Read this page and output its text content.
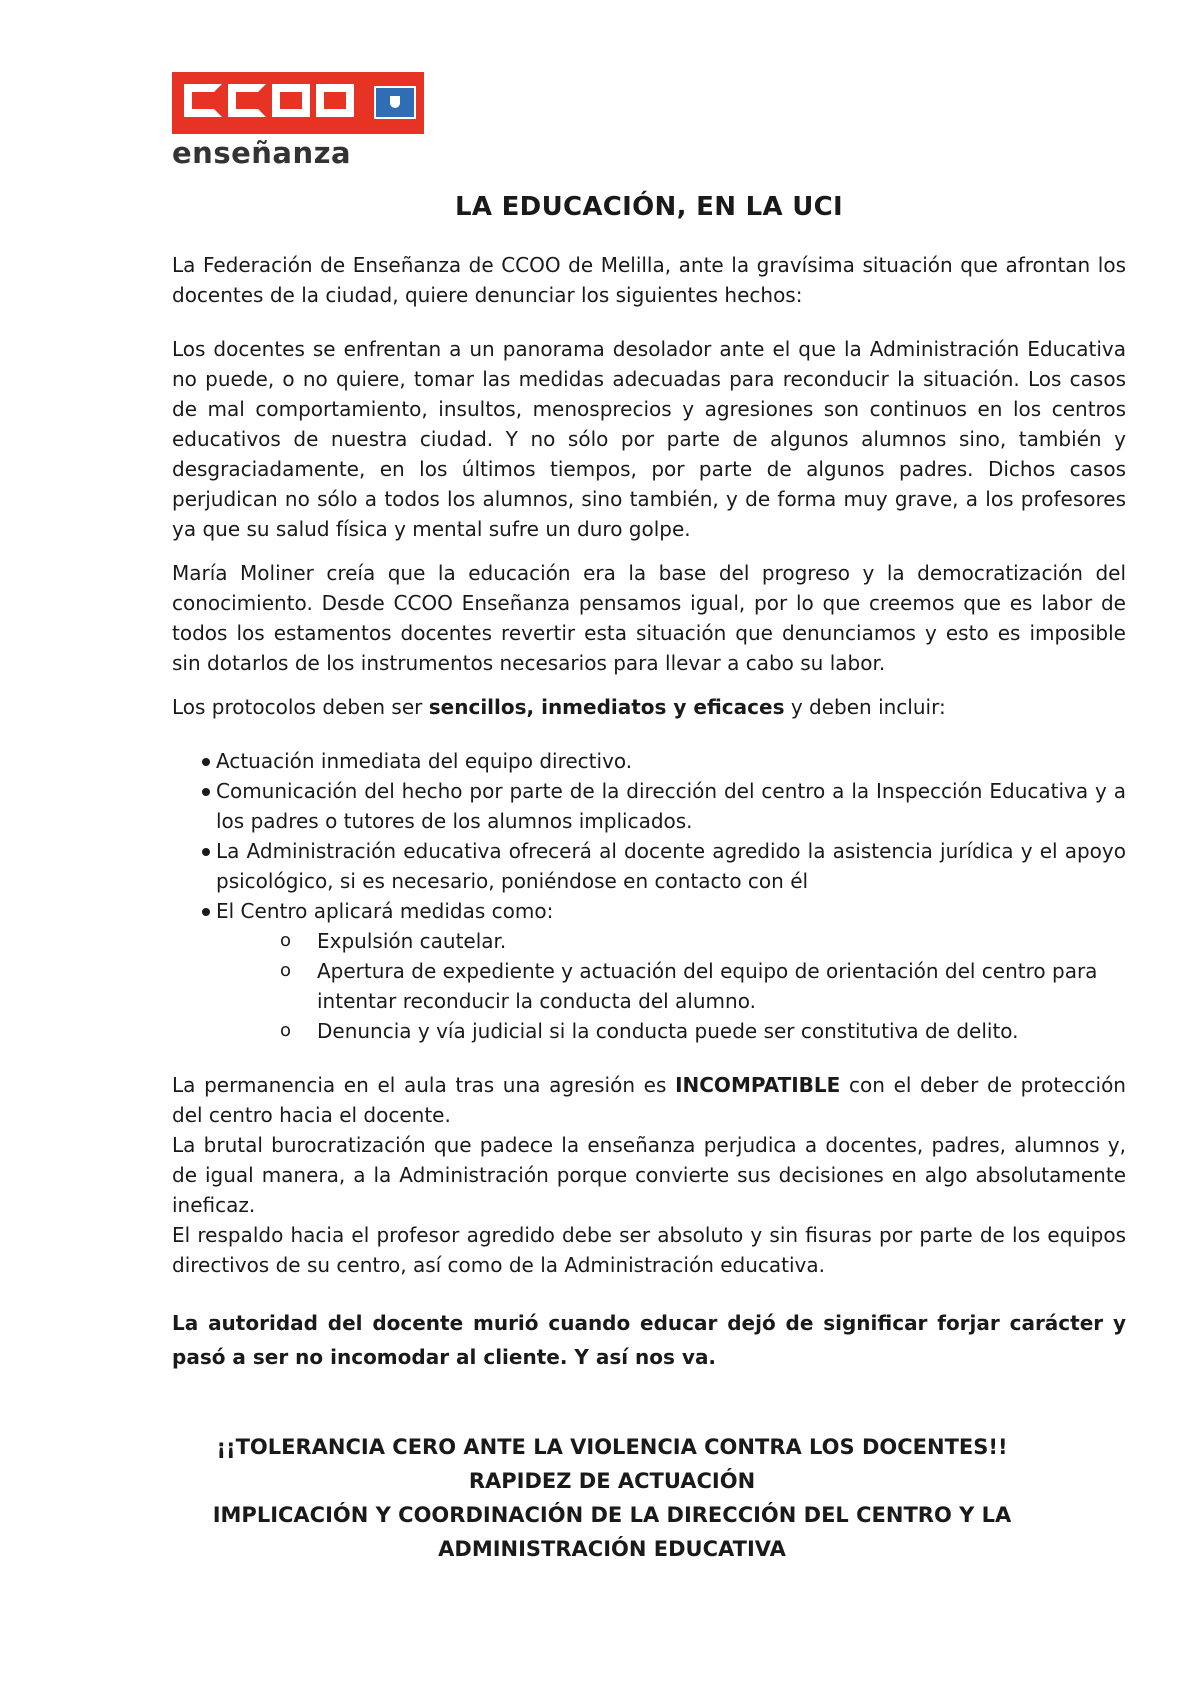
enseñanza
LA EDUCACIÓN, EN LA UCI

La Federación de Enseñanza de CCOO de Melilla, ante la gravísima situación que afrontan los docentes de la ciudad, quiere denunciar los siguientes hechos:

Los docentes se enfrentan a un panorama desolador ante el que la Administración Educativa no puede, o no quiere, tomar las medidas adecuadas para reconducir la situación. Los casos de mal comportamiento, insultos, menosprecios y agresiones son continuos en los centros educativos de nuestra ciudad. Y no sólo por parte de algunos alumnos sino, también y desgraciadamente, en los últimos tiempos, por parte de algunos padres. Dichos casos perjudican no sólo a todos los alumnos, sino también, y de forma muy grave, a los profesores ya que su salud física y mental sufre un duro golpe.

María Moliner creía que la educación era la base del progreso y la democratización del conocimiento. Desde CCOO Enseñanza pensamos igual, por lo que creemos que es labor de todos los estamentos docentes revertir esta situación que denunciamos y esto es imposible sin dotarlos de los instrumentos necesarios para llevar a cabo su labor.

Los protocolos deben ser sencillos, inmediatos y eficaces y deben incluir:

Actuación inmediata del equipo directivo.
Comunicación del hecho por parte de la dirección del centro a la Inspección Educativa y a los padres o tutores de los alumnos implicados.
La Administración educativa ofrecerá al docente agredido la asistencia jurídica y el apoyo psicológico, si es necesario, poniéndose en contacto con él
El Centro aplicará medidas como:
o Expulsión cautelar.
o Apertura de expediente y actuación del equipo de orientación del centro para intentar reconducir la conducta del alumno.
o Denuncia y vía judicial si la conducta puede ser constitutiva de delito.

La permanencia en el aula tras una agresión es INCOMPATIBLE con el deber de protección del centro hacia el docente.

La brutal burocratización que padece la enseñanza perjudica a docentes, padres, alumnos y, de igual manera, a la Administración porque convierte sus decisiones en algo absolutamente ineficaz.

El respaldo hacia el profesor agredido debe ser absoluto y sin fisuras por parte de los equipos directivos de su centro, así como de la Administración educativa.

La autoridad del docente murió cuando educar dejó de significar forjar carácter y pasó a ser no incomodar al cliente. Y así nos va.

¡¡TOLERANCIA CERO ANTE LA VIOLENCIA CONTRA LOS DOCENTES!!
RAPIDEZ DE ACTUACIÓN
IMPLICACIÓN Y COORDINACIÓN DE LA DIRECCIÓN DEL CENTRO Y LA ADMINISTRACIÓN EDUCATIVA
